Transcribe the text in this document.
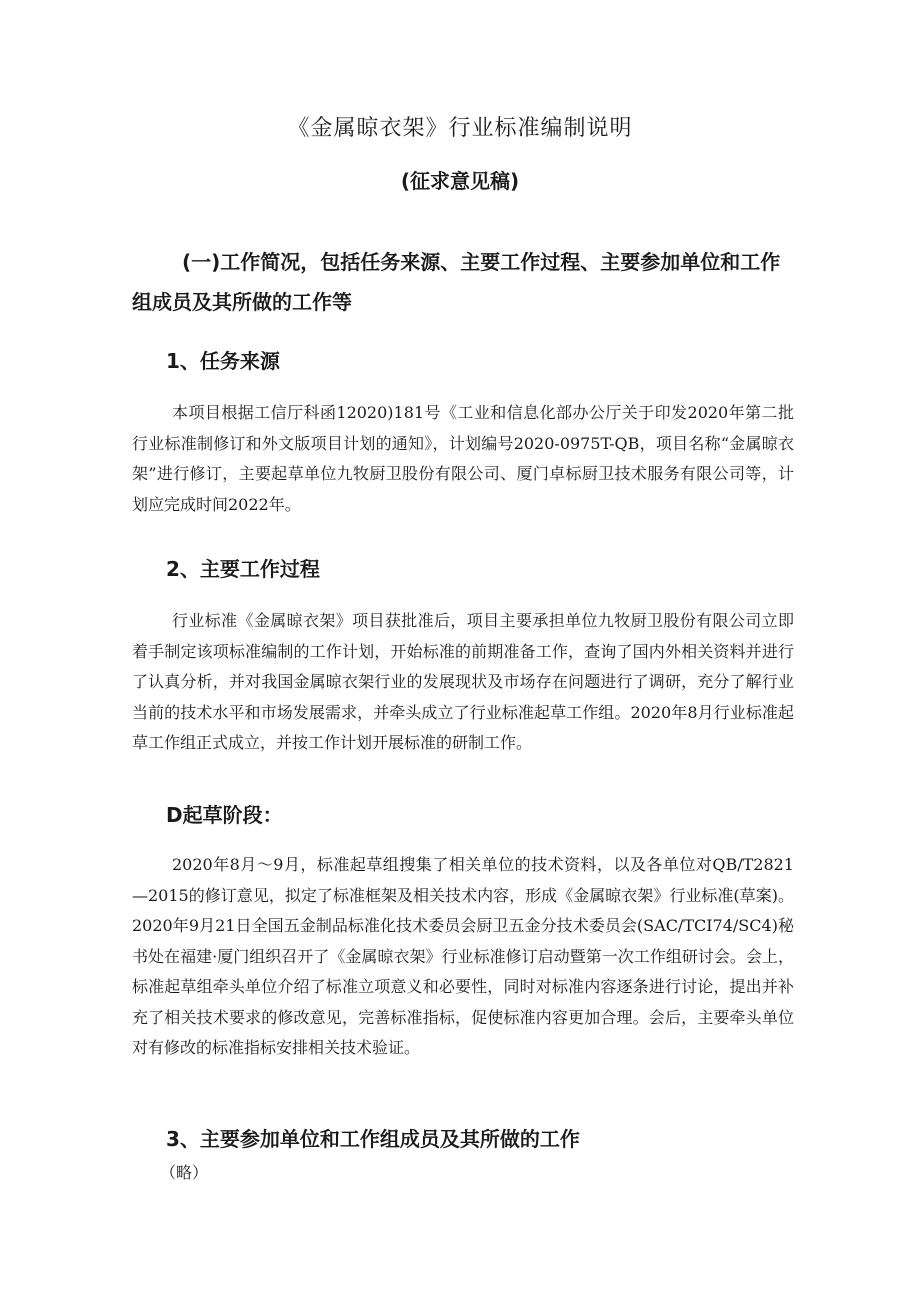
《金属晾衣架》行业标准编制说明
(征求意见稿)
(一)工作简况，包括任务来源、主要工作过程、主要参加单位和工作组成员及其所做的工作等
1、任务来源
本项目根据工信厅科函12020)181号《工业和信息化部办公厅关于印发2020年第二批行业标准制修订和外文版项目计划的通知》，计划编号2020-0975T-QB，项目名称“金属晾衣架”进行修订，主要起草单位九牧厨卫股份有限公司、厦门卓标厨卫技术服务有限公司等，计划应完成时间2022年。
2、主要工作过程
行业标准《金属晾衣架》项目获批准后，项目主要承担单位九牧厨卫股份有限公司立即着手制定该项标准编制的工作计划，开始标准的前期准备工作，查询了国内外相关资料并进行了认真分析，并对我国金属晾衣架行业的发展现状及市场存在问题进行了调研，充分了解行业当前的技术水平和市场发展需求，并牵头成立了行业标准起草工作组。2020年8月行业标准起草工作组正式成立，并按工作计划开展标准的研制工作。
D起草阶段：
2020年8月～9月，标准起草组搜集了相关单位的技术资料，以及各单位对QB/T2821—2015的修订意见，拟定了标准框架及相关技术内容，形成《金属晾衣架》行业标准(草案)。2020年9月21日全国五金制品标准化技术委员会厨卫五金分技术委员会(SAC/TCI74/SC4)秘书处在福建·厦门组织召开了《金属晾衣架》行业标准修订启动暨第一次工作组研讨会。会上，标准起草组牵头单位介绍了标准立项意义和必要性，同时对标准内容逐条进行讨论，提出并补充了相关技术要求的修改意见，完善标准指标，促使标准内容更加合理。会后，主要牵头单位对有修改的标准指标安排相关技术验证。
3、主要参加单位和工作组成员及其所做的工作
（略）
